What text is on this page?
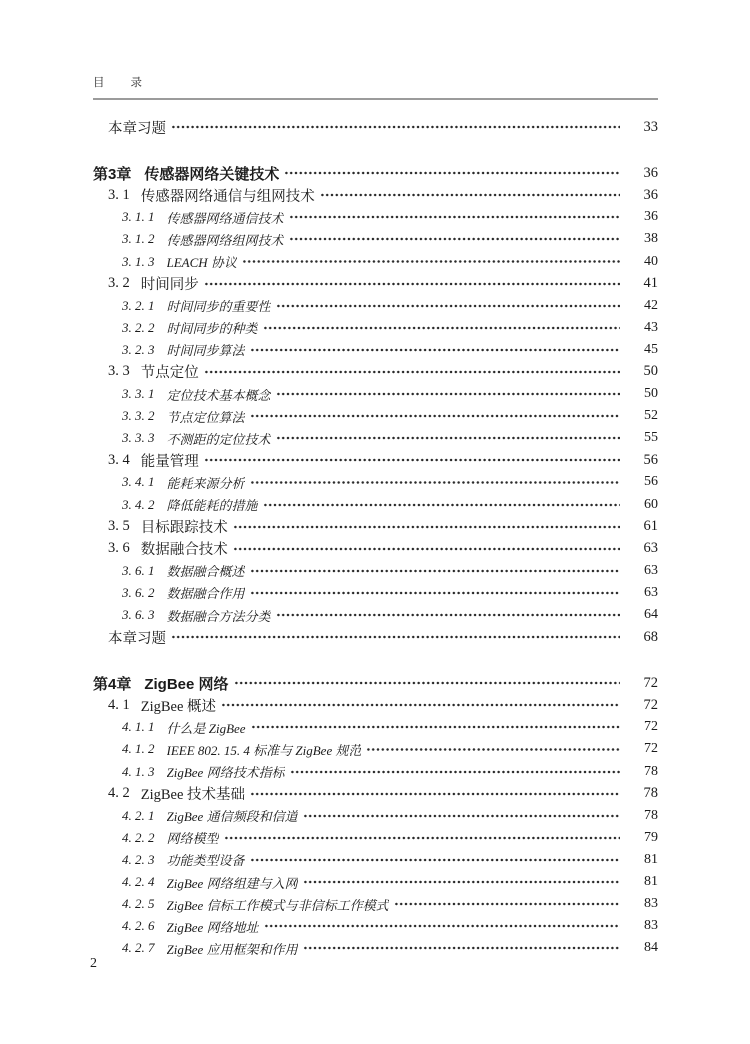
目　　录
本章习题	33
第3章 传感器网络关键技术	36
3. 1 传感器网络通信与组网技术	36
3. 1. 1 传感器网络通信技术	36
3. 1. 2 传感器网络组网技术	38
3. 1. 3 LEACH 协议	40
3. 2 时间同步	41
3. 2. 1 时间同步的重要性	42
3. 2. 2 时间同步的种类	43
3. 2. 3 时间同步算法	45
3. 3 节点定位	50
3. 3. 1 定位技术基本概念	50
3. 3. 2 节点定位算法	52
3. 3. 3 不测距的定位技术	55
3. 4 能量管理	56
3. 4. 1 能耗来源分析	56
3. 4. 2 降低能耗的措施	60
3. 5 目标跟踪技术	61
3. 6 数据融合技术	63
3. 6. 1 数据融合概述	63
3. 6. 2 数据融合作用	63
3. 6. 3 数据融合方法分类	64
本章习题	68
第4章 ZigBee 网络	72
4. 1 ZigBee 概述	72
4. 1. 1 什么是 ZigBee	72
4. 1. 2 IEEE 802. 15. 4 标准与 ZigBee 规范	72
4. 1. 3 ZigBee 网络技术指标	78
4. 2 ZigBee 技术基础	78
4. 2. 1 ZigBee 通信频段和信道	78
4. 2. 2 网络模型	79
4. 2. 3 功能类型设备	81
4. 2. 4 ZigBee 网络组建与入网	81
4. 2. 5 ZigBee 信标工作模式与非信标工作模式	83
4. 2. 6 ZigBee 网络地址	83
4. 2. 7 ZigBee 应用框架和作用	84
2
